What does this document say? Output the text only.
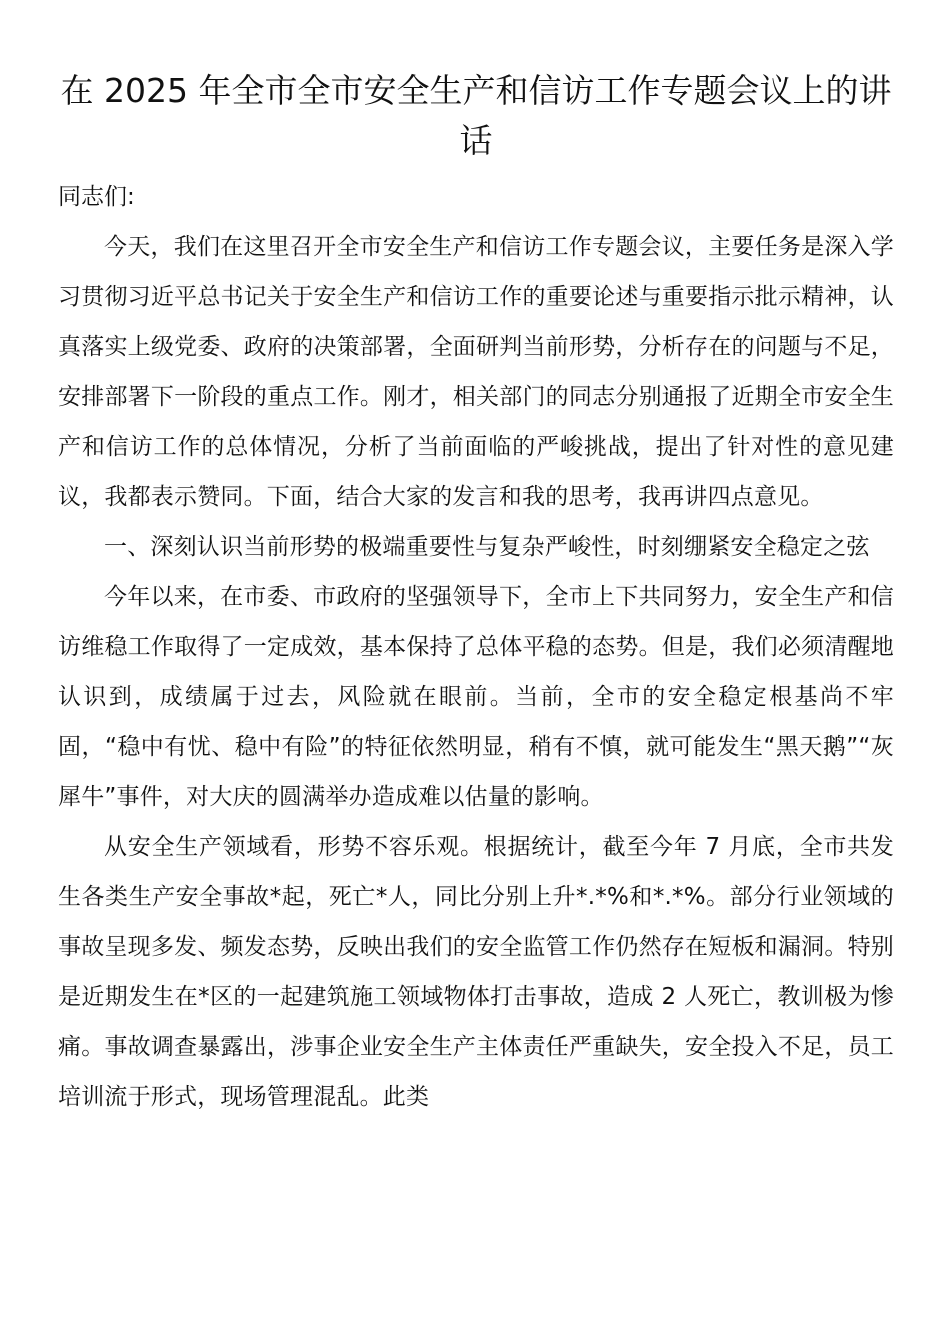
在 2025 年全市全市安全生产和信访工作专题会议上的讲话

同志们:

今天，我们在这里召开全市安全生产和信访工作专题会议，主要任务是深入学习贯彻习近平总书记关于安全生产和信访工作的重要论述与重要指示批示精神，认真落实上级党委、政府的决策部署，全面研判当前形势，分析存在的问题与不足，安排部署下一阶段的重点工作。刚才，相关部门的同志分别通报了近期全市安全生产和信访工作的总体情况，分析了当前面临的严峻挑战，提出了针对性的意见建议，我都表示赞同。下面，结合大家的发言和我的思考，我再讲四点意见。

一、深刻认识当前形势的极端重要性与复杂严峻性，时刻绷紧安全稳定之弦

今年以来，在市委、市政府的坚强领导下，全市上下共同努力，安全生产和信访维稳工作取得了一定成效，基本保持了总体平稳的态势。但是，我们必须清醒地认识到，成绩属于过去，风险就在眼前。当前，全市的安全稳定根基尚不牢固，“稳中有忧、稳中有险”的特征依然明显，稍有不慎，就可能发生“黑天鹅”“灰犀牛”事件，对大庆的圆满举办造成难以估量的影响。

从安全生产领域看，形势不容乐观。根据统计，截至今年 7 月底，全市共发生各类生产安全事故*起，死亡*人，同比分别上升*.*%和*.*%。部分行业领域的事故呈现多发、频发态势，反映出我们的安全监管工作仍然存在短板和漏洞。特别是近期发生在*区的一起建筑施工领域物体打击事故，造成 2 人死亡，教训极为惨痛。事故调查暴露出，涉事企业安全生产主体责任严重缺失，安全投入不足，员工培训流于形式，现场管理混乱。此类
